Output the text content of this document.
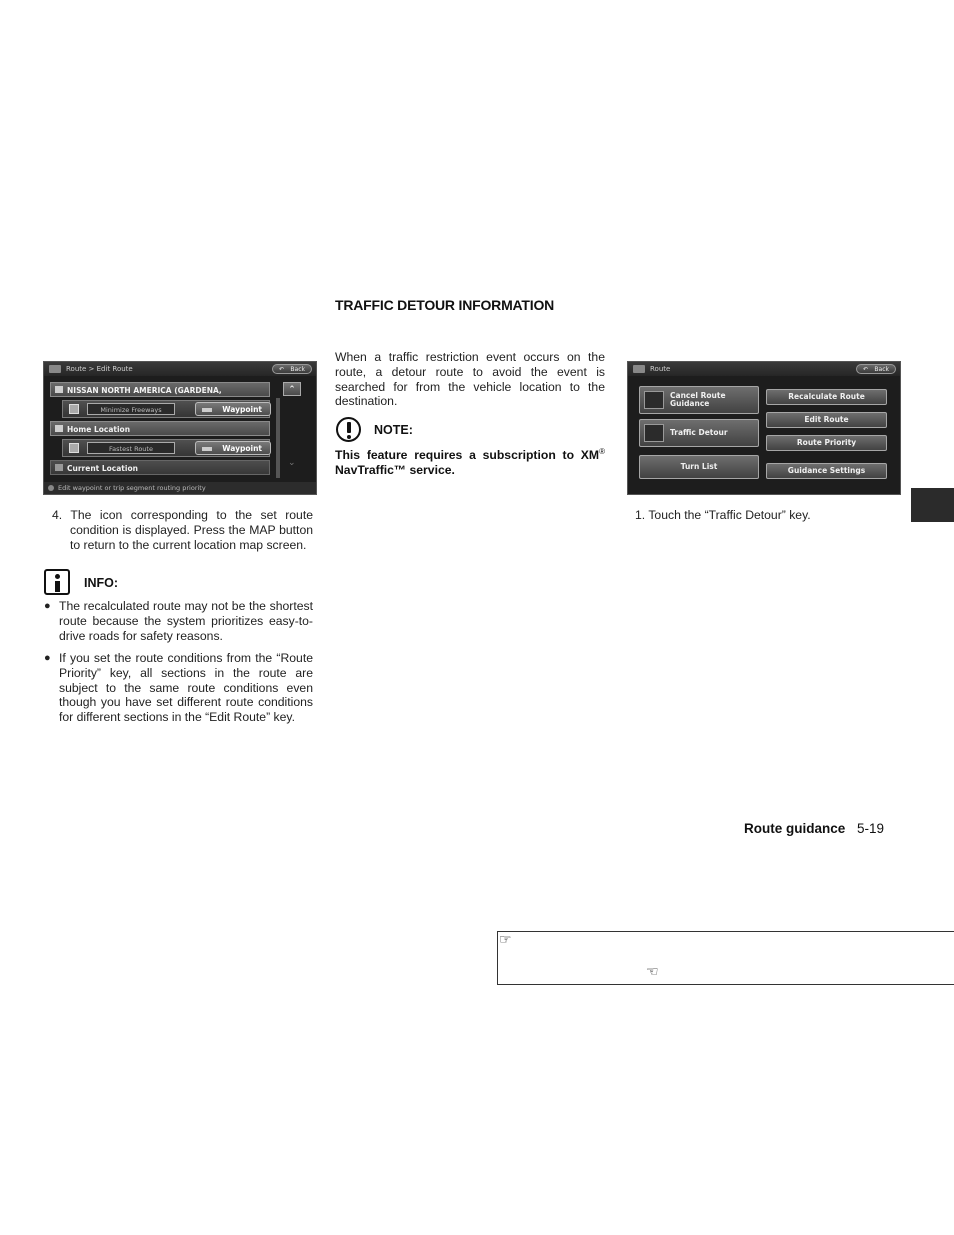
TRAFFIC DETOUR INFORMATION
Route > Edit Route	↶ Back
NISSAN NORTH AMERICA (GARDENA,
Minimize Freeways	Waypoint
Home Location
Fastest Route	Waypoint
Current Location
⌃
⌄
Edit waypoint or trip segment routing priority
Route	↶ Back
Cancel Route Guidance
Traffic Detour
Turn List
Recalculate Route
Edit Route
Route Priority
Guidance Settings
4. The icon corresponding to the set route condition is displayed. Press the MAP button to return to the current location map screen.
INFO:
● The recalculated route may not be the shortest route because the system prioritizes easy-to-drive roads for safety reasons.
● If you set the route conditions from the “Route Priority” key, all sections in the route are subject to the same route conditions even though you have set different route conditions for different sections in the “Edit Route” key.
When a traffic restriction event occurs on the route, a detour route to avoid the event is searched for from the vehicle location to the destination.
NOTE:
This feature requires a subscription to XM® NavTraffic™ service.
1. Touch the “Traffic Detour” key.
Route guidance 5-19
☞
☜
